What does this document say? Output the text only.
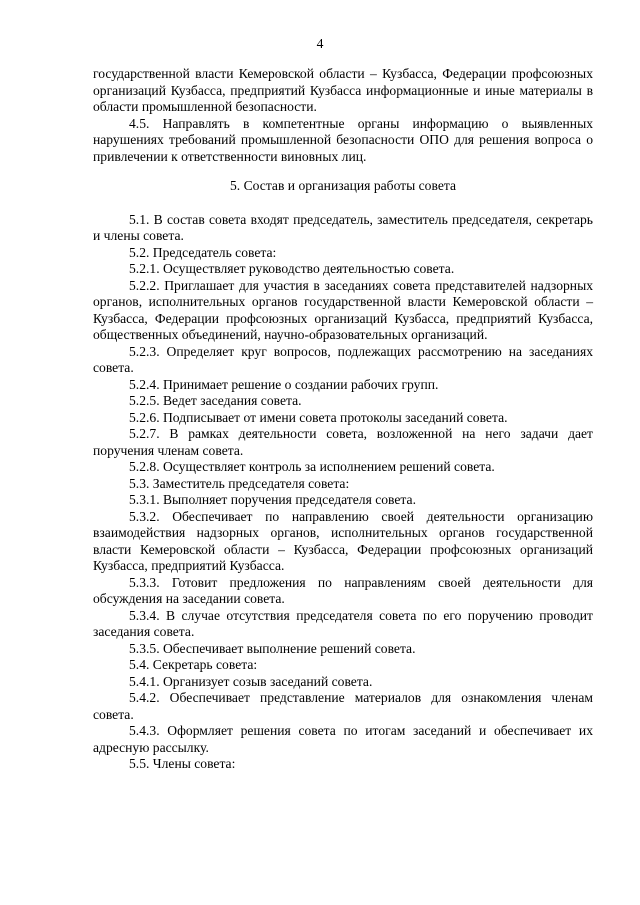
4

государственной власти Кемеровской области – Кузбасса, Федерации профсоюзных организаций Кузбасса, предприятий Кузбасса информационные и иные материалы в области промышленной безопасности.

4.5. Направлять в компетентные органы информацию о выявленных нарушениях требований промышленной безопасности ОПО для решения вопроса о привлечении к ответственности виновных лиц.

5. Состав и организация работы совета

5.1. В состав совета входят председатель, заместитель председателя, секретарь и члены совета.

5.2. Председатель совета:

5.2.1. Осуществляет руководство деятельностью совета.

5.2.2. Приглашает для участия в заседаниях совета представителей надзорных органов, исполнительных органов государственной власти Кемеровской области – Кузбасса, Федерации профсоюзных организаций Кузбасса, предприятий Кузбасса, общественных объединений, научно-образовательных организаций.

5.2.3. Определяет круг вопросов, подлежащих рассмотрению на заседаниях совета.

5.2.4. Принимает решение о создании рабочих групп.

5.2.5. Ведет заседания совета.

5.2.6. Подписывает от имени совета протоколы заседаний совета.

5.2.7. В рамках деятельности совета, возложенной на него задачи дает поручения членам совета.

5.2.8. Осуществляет контроль за исполнением решений совета.

5.3. Заместитель председателя совета:

5.3.1. Выполняет поручения председателя совета.

5.3.2. Обеспечивает по направлению своей деятельности организацию взаимодействия надзорных органов, исполнительных органов государственной власти Кемеровской области – Кузбасса, Федерации профсоюзных организаций Кузбасса, предприятий Кузбасса.

5.3.3. Готовит предложения по направлениям своей деятельности для обсуждения на заседании совета.

5.3.4. В случае отсутствия председателя совета по его поручению проводит заседания совета.

5.3.5. Обеспечивает выполнение решений совета.

5.4. Секретарь совета:

5.4.1. Организует созыв заседаний совета.

5.4.2. Обеспечивает представление материалов для ознакомления членам совета.

5.4.3. Оформляет решения совета по итогам заседаний и обеспечивает их адресную рассылку.

5.5. Члены совета:
